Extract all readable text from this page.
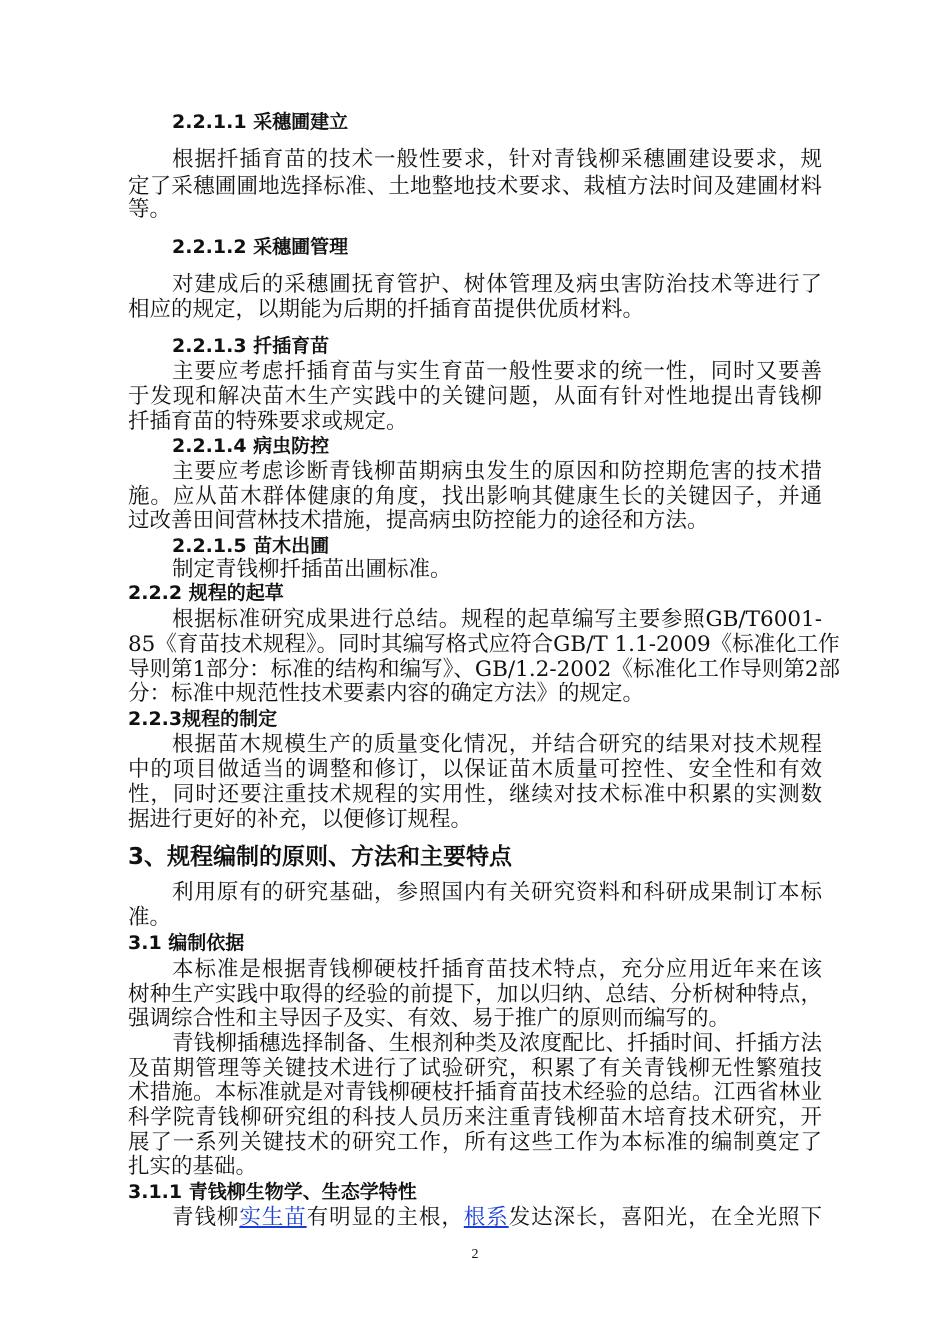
2.2.1.1 采穗圃建立
根据扦插育苗的技术一般性要求，针对青钱柳采穗圃建设要求，规
定了采穗圃圃地选择标准、土地整地技术要求、栽植方法时间及建圃材料
等。
2.2.1.2 采穗圃管理
对建成后的采穗圃抚育管护、树体管理及病虫害防治技术等进行了
相应的规定，以期能为后期的扦插育苗提供优质材料。
2.2.1.3 扦插育苗
主要应考虑扦插育苗与实生育苗一般性要求的统一性，同时又要善
于发现和解决苗木生产实践中的关键问题，从面有针对性地提出青钱柳
扦插育苗的特殊要求或规定。
2.2.1.4 病虫防控
主要应考虑诊断青钱柳苗期病虫发生的原因和防控期危害的技术措
施。应从苗木群体健康的角度，找出影响其健康生长的关键因子，并通
过改善田间营林技术措施，提高病虫防控能力的途径和方法。
2.2.1.5 苗木出圃
制定青钱柳扦插苗出圃标准。
2.2.2 规程的起草
根据标准研究成果进行总结。规程的起草编写主要参照GB/T6001-
85《育苗技术规程》。同时其编写格式应符合GB/T 1.1-2009《标准化工作
导则第1部分：标准的结构和编写》、GB/1.2-2002《标准化工作导则第2部
分：标准中规范性技术要素内容的确定方法》的规定。
2.2.3规程的制定
根据苗木规模生产的质量变化情况，并结合研究的结果对技术规程
中的项目做适当的调整和修订，以保证苗木质量可控性、安全性和有效
性，同时还要注重技术规程的实用性，继续对技术标准中积累的实测数
据进行更好的补充，以便修订规程。
3、规程编制的原则、方法和主要特点
利用原有的研究基础，参照国内有关研究资料和科研成果制订本标
准。
3.1 编制依据
本标准是根据青钱柳硬枝扦插育苗技术特点，充分应用近年来在该
树种生产实践中取得的经验的前提下，加以归纳、总结、分析树种特点，
强调综合性和主导因子及实、有效、易于推广的原则而编写的。
青钱柳插穗选择制备、生根剂种类及浓度配比、扦插时间、扦插方法
及苗期管理等关键技术进行了试验研究，积累了有关青钱柳无性繁殖技
术措施。本标准就是对青钱柳硬枝扦插育苗技术经验的总结。江西省林业
科学院青钱柳研究组的科技人员历来注重青钱柳苗木培育技术研究，开
展了一系列关键技术的研究工作，所有这些工作为本标准的编制奠定了
扎实的基础。
3.1.1 青钱柳生物学、生态学特性
青钱柳实生苗有明显的主根，根系发达深长，喜阳光，在全光照下
2
